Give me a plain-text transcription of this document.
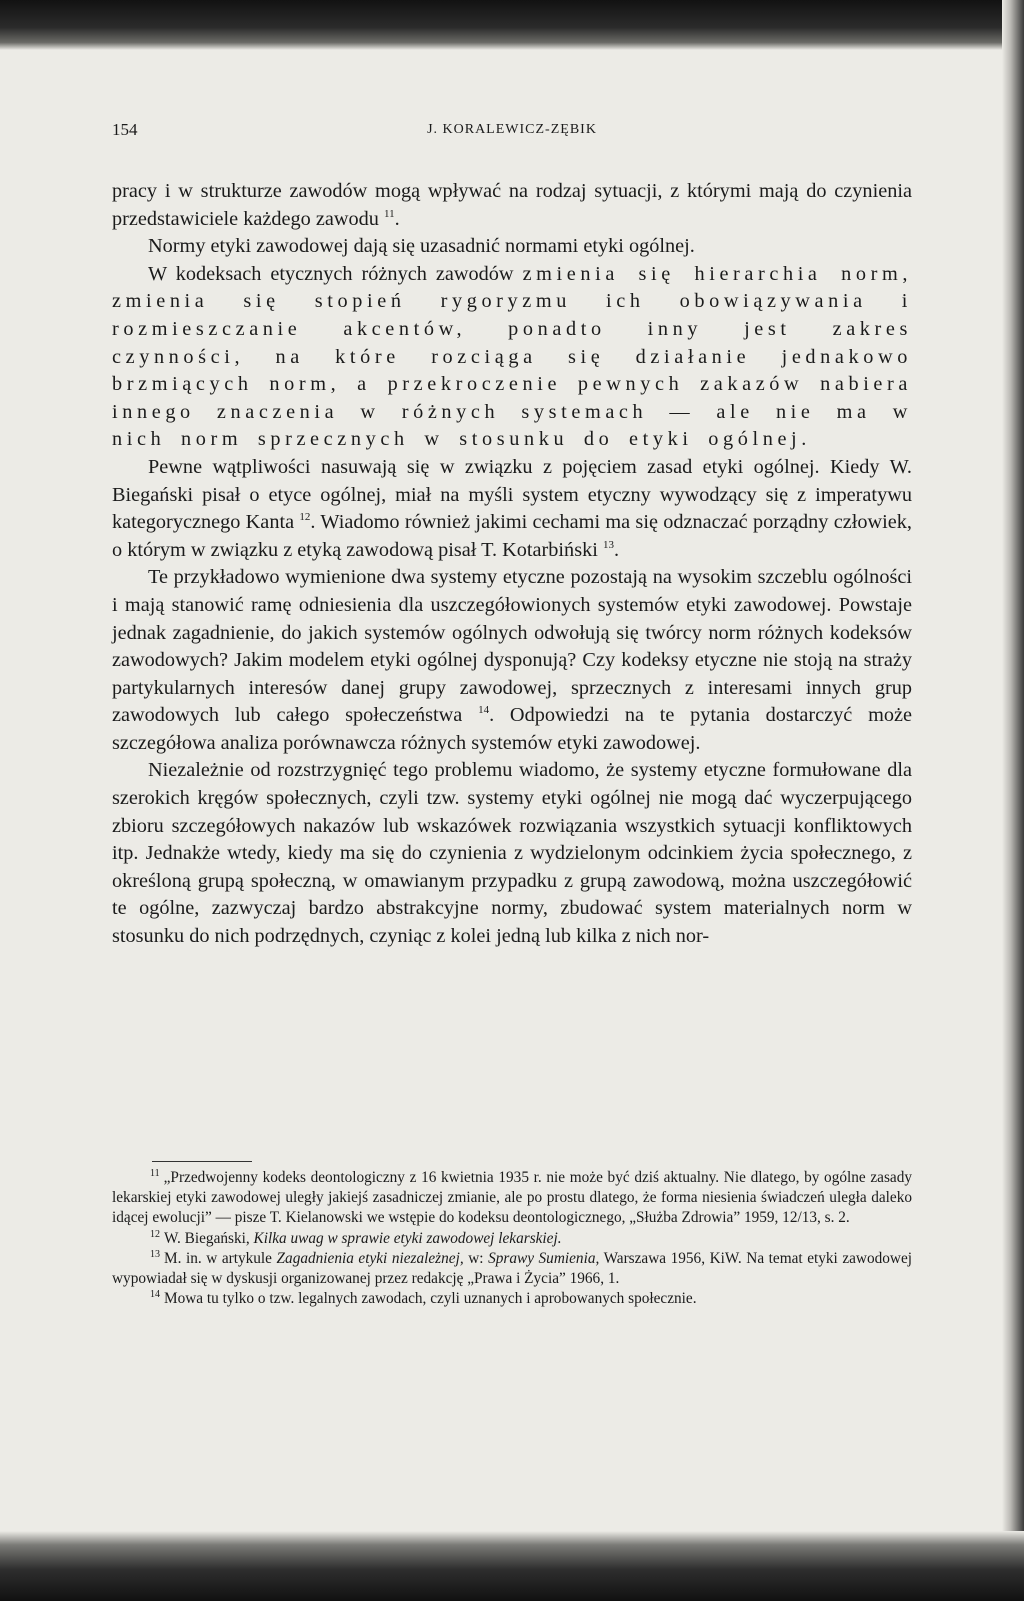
154	J. KORALEWICZ-ZĘBIK

pracy i w strukturze zawodów mogą wpływać na rodzaj sytuacji, z którymi mają do czynienia przedstawiciele każdego zawodu $^{11}$.

Normy etyki zawodowej dają się uzasadnić normami etyki ogólnej.

W kodeksach etycznych różnych zawodów zmienia się hierarchia norm, zmienia się stopień rygoryzmu ich obowiązywania i rozmieszczanie akcentów, ponadto inny jest zakres czynności, na które rozciąga się działanie jednakowo brzmiących norm, a przekroczenie pewnych zakazów nabiera innego znaczenia w różnych systemach — ale nie ma w nich norm sprzecznych w stosunku do etyki ogólnej.

Pewne wątpliwości nasuwają się w związku z pojęciem zasad etyki ogólnej. Kiedy W. Biegański pisał o etyce ogólnej, miał na myśli system etyczny wywodzący się z imperatywu kategorycznego Kanta $^{12}$. Wiadomo również jakimi cechami ma się odznaczać porządny człowiek, o którym w związku z etyką zawodową pisał T. Kotarbiński $^{13}$.

Te przykładowo wymienione dwa systemy etyczne pozostają na wysokim szczeblu ogólności i mają stanowić ramę odniesienia dla uszczegółowionych systemów etyki zawodowej. Powstaje jednak zagadnienie, do jakich systemów ogólnych odwołują się twórcy norm różnych kodeksów zawodowych? Jakim modelem etyki ogólnej dysponują? Czy kodeksy etyczne nie stoją na straży partykularnych interesów danej grupy zawodowej, sprzecznych z interesami innych grup zawodowych lub całego społeczeństwa $^{14}$. Odpowiedzi na te pytania dostarczyć może szczegółowa analiza porównawcza różnych systemów etyki zawodowej.

Niezależnie od rozstrzygnięć tego problemu wiadomo, że systemy etyczne formułowane dla szerokich kręgów społecznych, czyli tzw. systemy etyki ogólnej nie mogą dać wyczerpującego zbioru szczegółowych nakazów lub wskazówek rozwiązania wszystkich sytuacji konfliktowych itp. Jednakże wtedy, kiedy ma się do czynienia z wydzielonym odcinkiem życia społecznego, z określoną grupą społeczną, w omawianym przypadku z grupą zawodową, można uszczegółowić te ogólne, zazwyczaj bardzo abstrakcyjne normy, zbudować system materialnych norm w stosunku do nich podrzędnych, czyniąc z kolei jedną lub kilka z nich nor-

$^{11}$ „Przedwojenny kodeks deontologiczny z 16 kwietnia 1935 r. nie może być dziś aktualny. Nie dlatego, by ogólne zasady lekarskiej etyki zawodowej uległy jakiejś zasadniczej zmianie, ale po prostu dlatego, że forma niesienia świadczeń uległa daleko idącej ewolucji” — pisze T. Kielanowski we wstępie do kodeksu deontologicznego, „Służba Zdrowia” 1959, 12/13, s. 2.

$^{12}$ W. Biegański, Kilka uwag w sprawie etyki zawodowej lekarskiej.

$^{13}$ M. in. w artykule Zagadnienia etyki niezależnej, w: Sprawy Sumienia, Warszawa 1956, KiW. Na temat etyki zawodowej wypowiadał się w dyskusji organizowanej przez redakcję „Prawa i Życia” 1966, 1.

$^{14}$ Mowa tu tylko o tzw. legalnych zawodach, czyli uznanych i aprobowanych społecznie.
